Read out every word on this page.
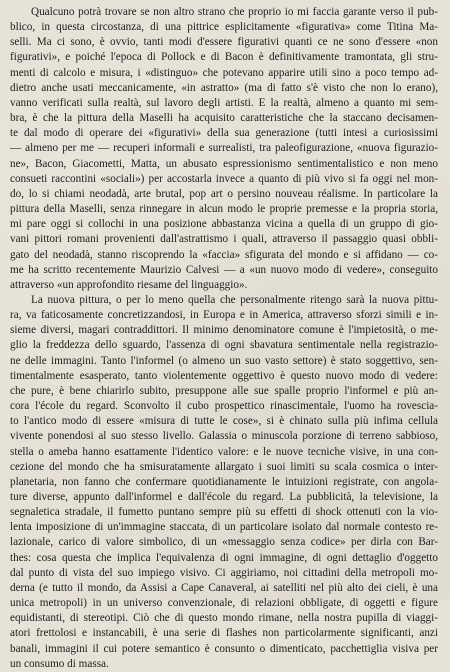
Qualcuno potrà trovare se non altro strano che proprio io mi faccia garante verso il pub-
blico, in questa circostanza, di una pittrice esplicitamente «figurativa» come Titina Ma-
selli. Ma ci sono, è ovvio, tanti modi d'essere figurativi quanti ce ne sono d'essere «non
figurativi», e poiché l'epoca di Pollock e di Bacon è definitivamente tramontata, gli stru-
menti di calcolo e misura, i «distinguo» che potevano apparire utili sino a poco tempo ad-
dietro anche usati meccanicamente, «in astratto» (ma di fatto s'è visto che non lo erano),
vanno verificati sulla realtà, sul lavoro degli artisti. E la realtà, almeno a quanto mi sem-
bra, è che la pittura della Maselli ha acquisito caratteristiche che la staccano decisamen-
te dal modo di operare dei «figurativi» della sua generazione (tutti intesi a curiosissimi
— almeno per me — recuperi informali e surrealisti, tra paleofigurazione, «nuova figurazio-
ne», Bacon, Giacometti, Matta, un abusato espressionismo sentimentalistico e non meno
consueti raccontini «sociali») per accostarla invece a quanto di più vivo si fa oggi nel mon-
do, lo si chiami neodadà, arte brutal, pop art o persino nouveau réalisme. In particolare la
pittura della Maselli, senza rinnegare in alcun modo le proprie premesse e la propria storia,
mi pare oggi si collochi in una posizione abbastanza vicina a quella di un gruppo di gio-
vani pittori romani provenienti dall'astrattismo i quali, attraverso il passaggio quasi obbli-
gato del neodadà, stanno riscoprendo la «faccia» sfigurata del mondo e si affidano — co-
me ha scritto recentemente Maurizio Calvesi — a «un nuovo modo di vedere», conseguito
attraverso «un approfondito riesame del linguaggio».
La nuova pittura, o per lo meno quella che personalmente ritengo sarà la nuova pittu-
ra, va faticosamente concretizzandosi, in Europa e in America, attraverso sforzi simili e in-
sieme diversi, magari contraddittori. Il minimo denominatore comune è l'impietosità, o me-
glio la freddezza dello sguardo, l'assenza di ogni sbavatura sentimentale nella registrazio-
ne delle immagini. Tanto l'informel (o almeno un suo vasto settore) è stato soggettivo, sen-
timentalmente esasperato, tanto violentemente oggettivo è questo nuovo modo di vedere:
che pure, è bene chiarirlo subito, presuppone alle sue spalle proprio l'informel e più an-
cora l'école du regard. Sconvolto il cubo prospettico rinascimentale, l'uomo ha rovescia-
to l'antico modo di essere «misura di tutte le cose», si è chinato sulla più infima cellula
vivente ponendosi al suo stesso livello. Galassia o minuscola porzione di terreno sabbioso,
stella o ameba hanno esattamente l'identico valore: e le nuove tecniche visive, in una con-
cezione del mondo che ha smisuratamente allargato i suoi limiti su scala cosmica o inter-
planetaria, non fanno che confermare quotidianamente le intuizioni registrate, con angola-
ture diverse, appunto dall'informel e dall'école du regard. La pubblicità, la televisione, la
segnaletica stradale, il fumetto puntano sempre più su effetti di shock ottenuti con la vio-
lenta imposizione di un'immagine staccata, di un particolare isolato dal normale contesto re-
lazionale, carico di valore simbolico, di un «messaggio senza codice» per dirla con Bar-
thes: cosa questa che implica l'equivalenza di ogni immagine, di ogni dettaglio d'oggetto
dal punto di vista del suo impiego visivo. Ci aggiriamo, noi cittadini della metropoli mo-
derna (e tutto il mondo, da Assisi a Cape Canaveral, ai satelliti nel più alto dei cieli, è una
unica metropoli) in un universo convenzionale, di relazioni obbligate, di oggetti e figure
equidistanti, di stereotipi. Ciò che di questo mondo rimane, nella nostra pupilla di viaggi-
atori frettolosi e instancabili, è una serie di flashes non particolarmente significanti, anzi
banali, immagini il cui potere semantico è consunto o dimenticato, pacchettiglia visiva per
un consumo di massa.
